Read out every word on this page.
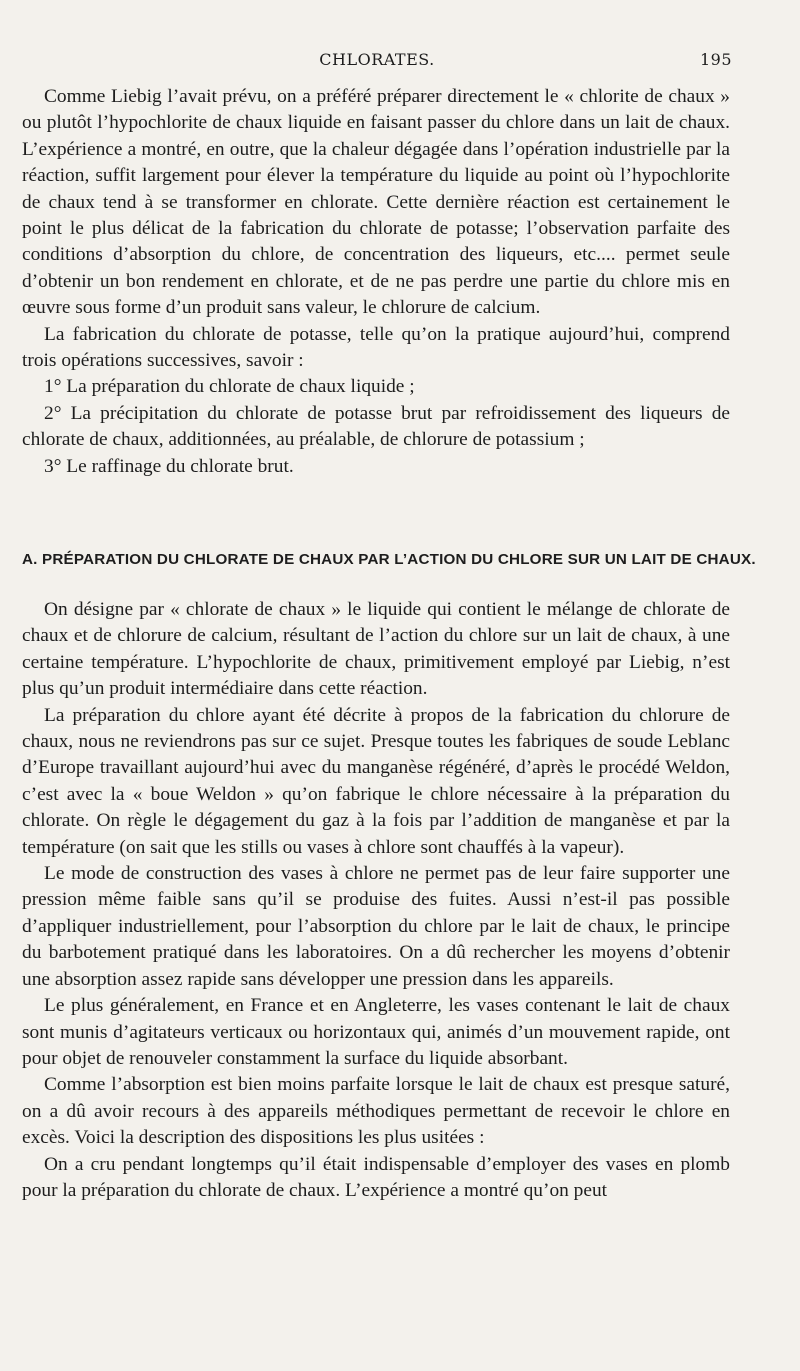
CHLORATES.	195

Comme Liebig l’avait prévu, on a préféré préparer directement le « chlorite de chaux » ou plutôt l’hypochlorite de chaux liquide en faisant passer du chlore dans un lait de chaux. L’expérience a montré, en outre, que la chaleur dégagée dans l’opération industrielle par la réaction, suffit largement pour élever la température du liquide au point où l’hypochlorite de chaux tend à se transformer en chlorate. Cette dernière réaction est certainement le point le plus délicat de la fabrication du chlorate de potasse; l’observation parfaite des conditions d’absorption du chlore, de concentration des liqueurs, etc.... permet seule d’obtenir un bon rendement en chlorate, et de ne pas perdre une partie du chlore mis en œuvre sous forme d’un produit sans valeur, le chlorure de calcium.

La fabrication du chlorate de potasse, telle qu’on la pratique aujourd’hui, comprend trois opérations successives, savoir :

1° La préparation du chlorate de chaux liquide ;

2° La précipitation du chlorate de potasse brut par refroidissement des liqueurs de chlorate de chaux, additionnées, au préalable, de chlorure de potassium ;

3° Le raffinage du chlorate brut.

A. PRÉPARATION DU CHLORATE DE CHAUX PAR L’ACTION DU CHLORE SUR UN LAIT DE CHAUX.

On désigne par « chlorate de chaux » le liquide qui contient le mélange de chlorate de chaux et de chlorure de calcium, résultant de l’action du chlore sur un lait de chaux, à une certaine température. L’hypochlorite de chaux, primitivement employé par Liebig, n’est plus qu’un produit intermédiaire dans cette réaction.

La préparation du chlore ayant été décrite à propos de la fabrication du chlorure de chaux, nous ne reviendrons pas sur ce sujet. Presque toutes les fabriques de soude Leblanc d’Europe travaillant aujourd’hui avec du manganèse régénéré, d’après le procédé Weldon, c’est avec la « boue Weldon » qu’on fabrique le chlore nécessaire à la préparation du chlorate. On règle le dégagement du gaz à la fois par l’addition de manganèse et par la température (on sait que les stills ou vases à chlore sont chauffés à la vapeur).

Le mode de construction des vases à chlore ne permet pas de leur faire supporter une pression même faible sans qu’il se produise des fuites. Aussi n’est-il pas possible d’appliquer industriellement, pour l’absorption du chlore par le lait de chaux, le principe du barbotement pratiqué dans les laboratoires. On a dû rechercher les moyens d’obtenir une absorption assez rapide sans développer une pression dans les appareils.

Le plus généralement, en France et en Angleterre, les vases contenant le lait de chaux sont munis d’agitateurs verticaux ou horizontaux qui, animés d’un mouvement rapide, ont pour objet de renouveler constamment la surface du liquide absorbant.

Comme l’absorption est bien moins parfaite lorsque le lait de chaux est presque saturé, on a dû avoir recours à des appareils méthodiques permettant de recevoir le chlore en excès. Voici la description des dispositions les plus usitées :

On a cru pendant longtemps qu’il était indispensable d’employer des vases en plomb pour la préparation du chlorate de chaux. L’expérience a montré qu’on peut
